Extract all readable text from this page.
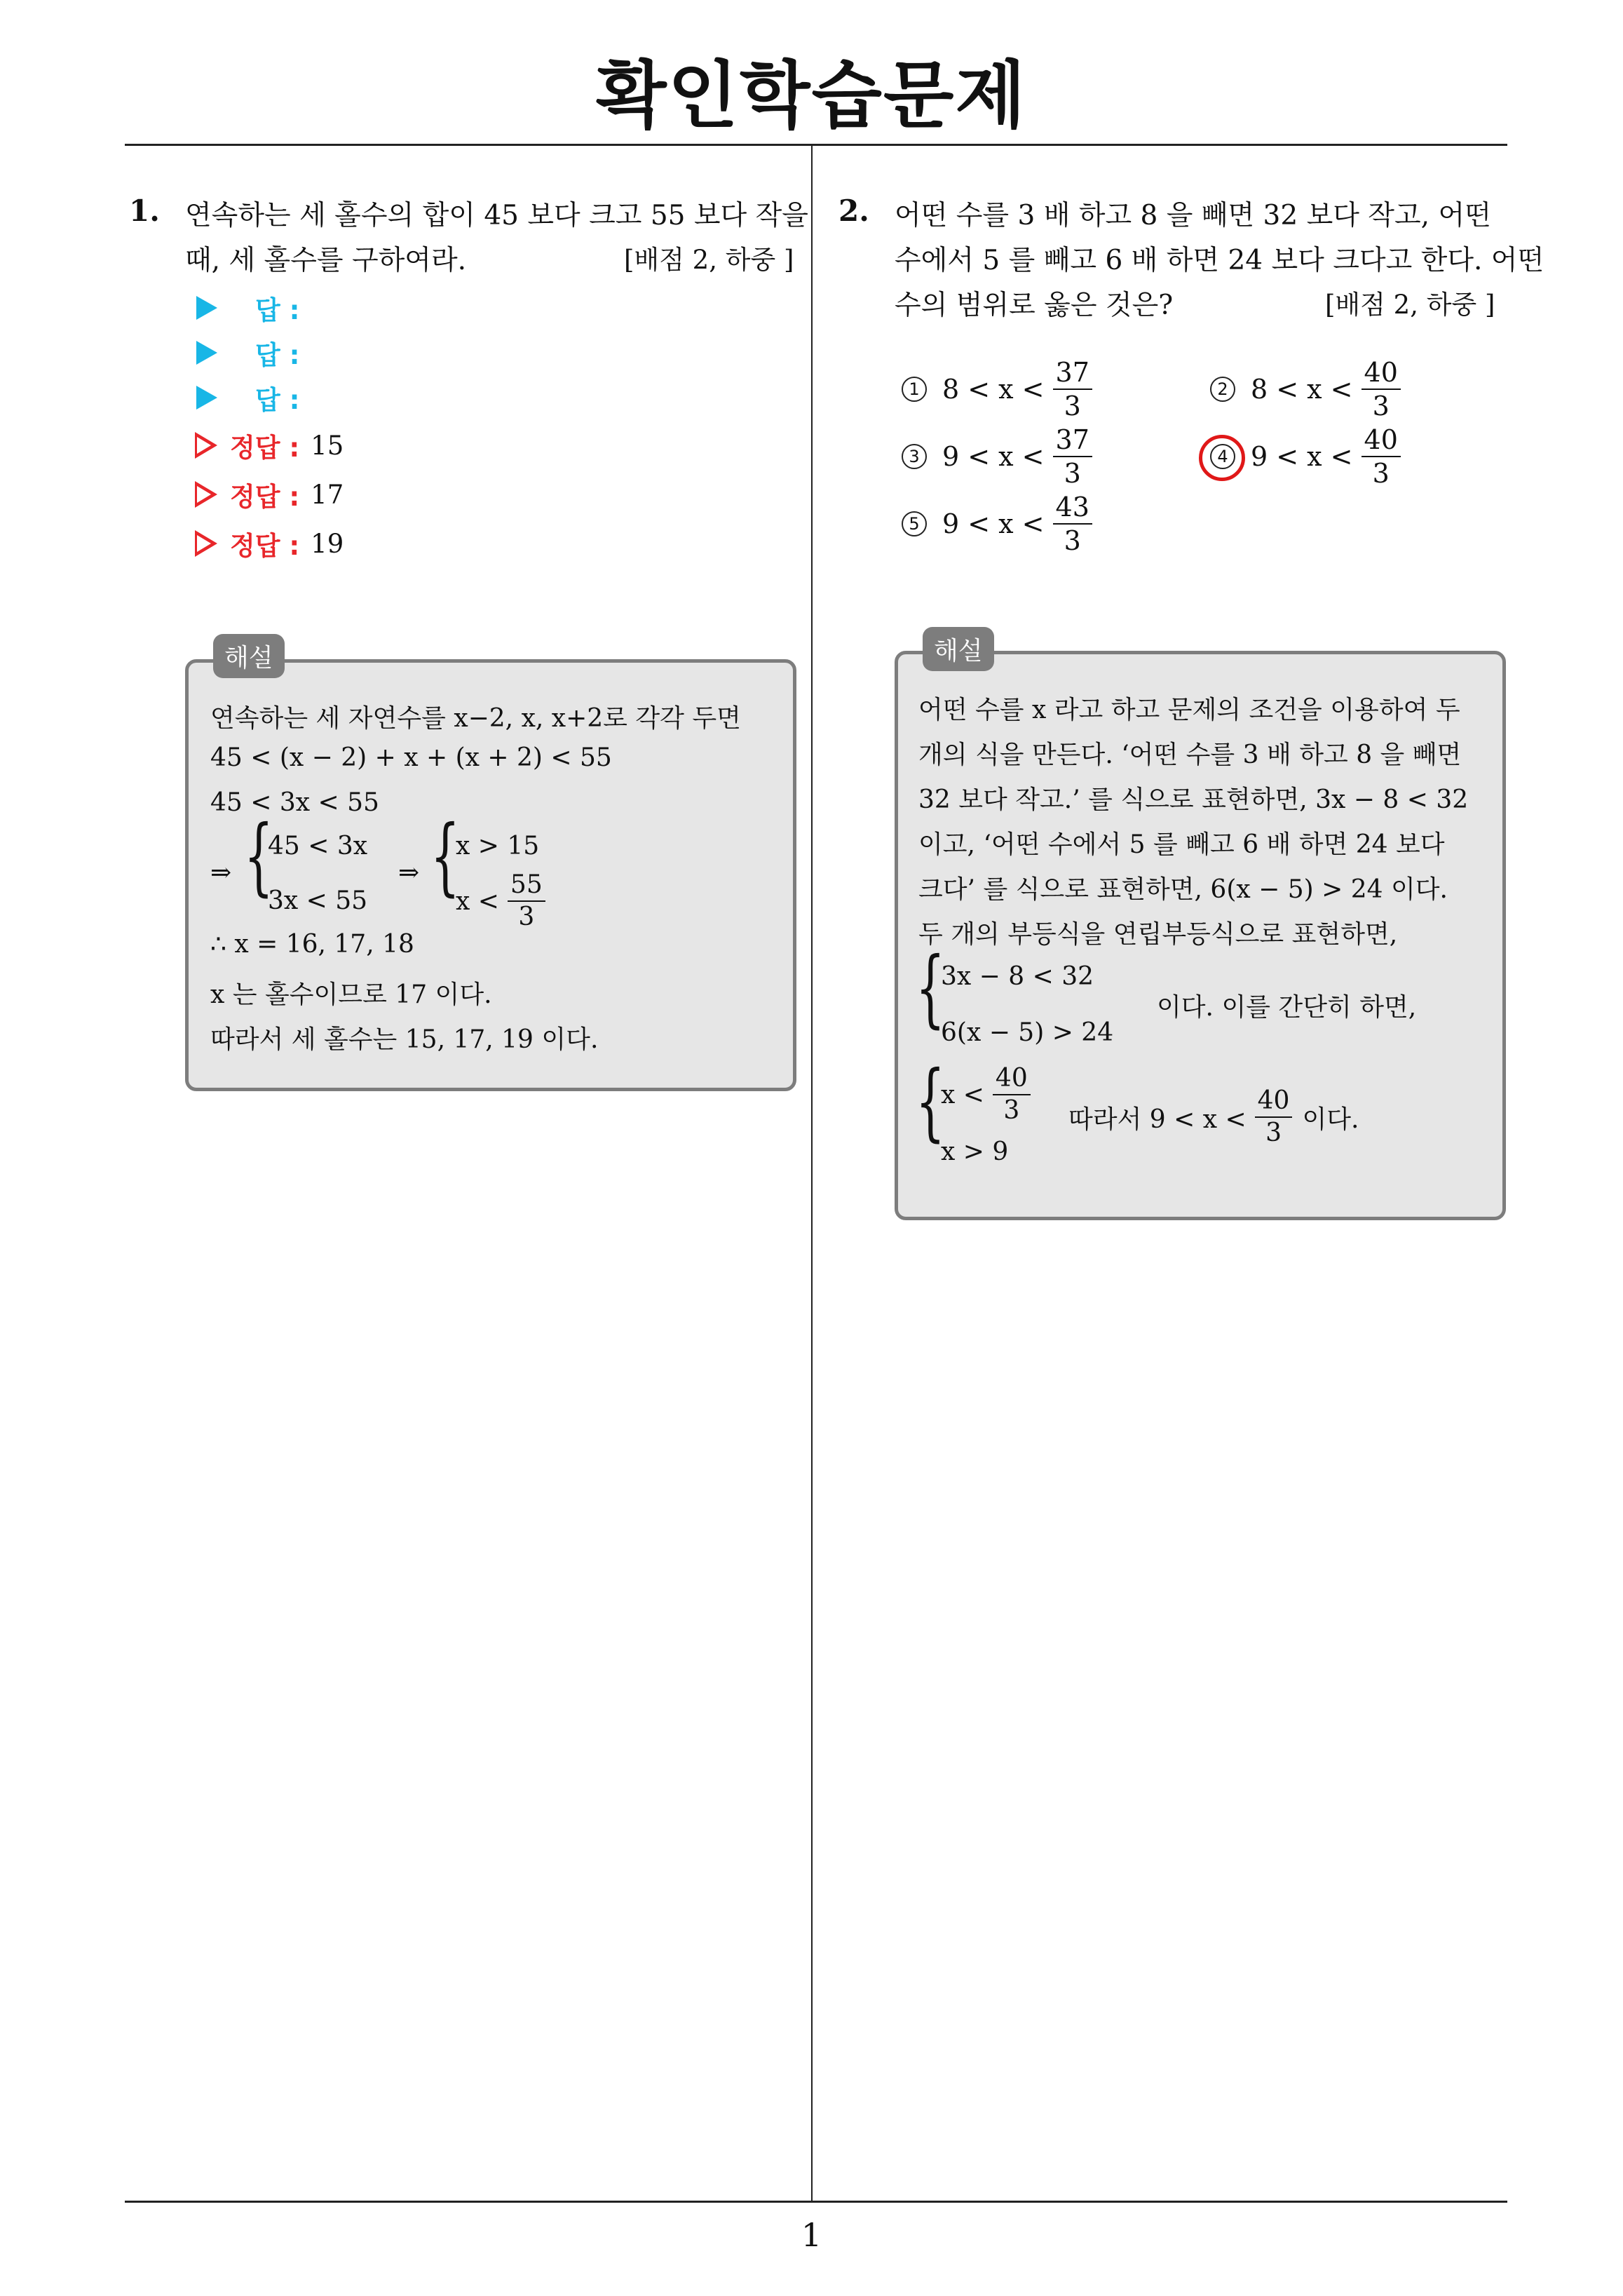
확인학습문제
1. 연속하는 세 홀수의 합이 45 보다 크고 55 보다 작을
때, 세 홀수를 구하여라.	[배점 2, 하중 ]
답 :
답 :
답 :
정답 : 15
정답 : 17
정답 : 19
해설
연속하는 세 자연수를 x−2, x, x+2로 각각 두면
45 < (x − 2) + x + (x + 2) < 55
45 < 3x < 55
⇒ {
45 < 3x
3x < 55
⇒ {
x > 15
$x < \frac{55}{3}$
∴ x = 16, 17, 18
x 는 홀수이므로 17 이다.
따라서 세 홀수는 15, 17, 19 이다.
2. 어떤 수를 3 배 하고 8 을 빼면 32 보다 작고, 어떤
수에서 5 를 빼고 6 배 하면 24 보다 크다고 한다. 어떤
수의 범위로 옳은 것은?	[배점 2, 하중 ]
1 $8 < x < \frac{37}{3}$	2 $8 < x < \frac{40}{3}$
3 $9 < x < \frac{37}{3}$	4 $9 < x < \frac{40}{3}$
5 $9 < x < \frac{43}{3}$
해설
어떤 수를 x 라고 하고 문제의 조건을 이용하여 두
개의 식을 만든다. ‘어떤 수를 3 배 하고 8 을 빼면
32 보다 작고.’ 를 식으로 표현하면, 3x − 8 < 32
이고, ‘어떤 수에서 5 를 빼고 6 배 하면 24 보다
크다’ 를 식으로 표현하면, 6(x − 5) > 24 이다.
두 개의 부등식을 연립부등식으로 표현하면,
{
3x − 8 < 32
6(x − 5) > 24
이다. 이를 간단히 하면,
{
$x < \frac{40}{3}$
x > 9
따라서 $9 < x < \frac{40}{3}$ 이다.
1
